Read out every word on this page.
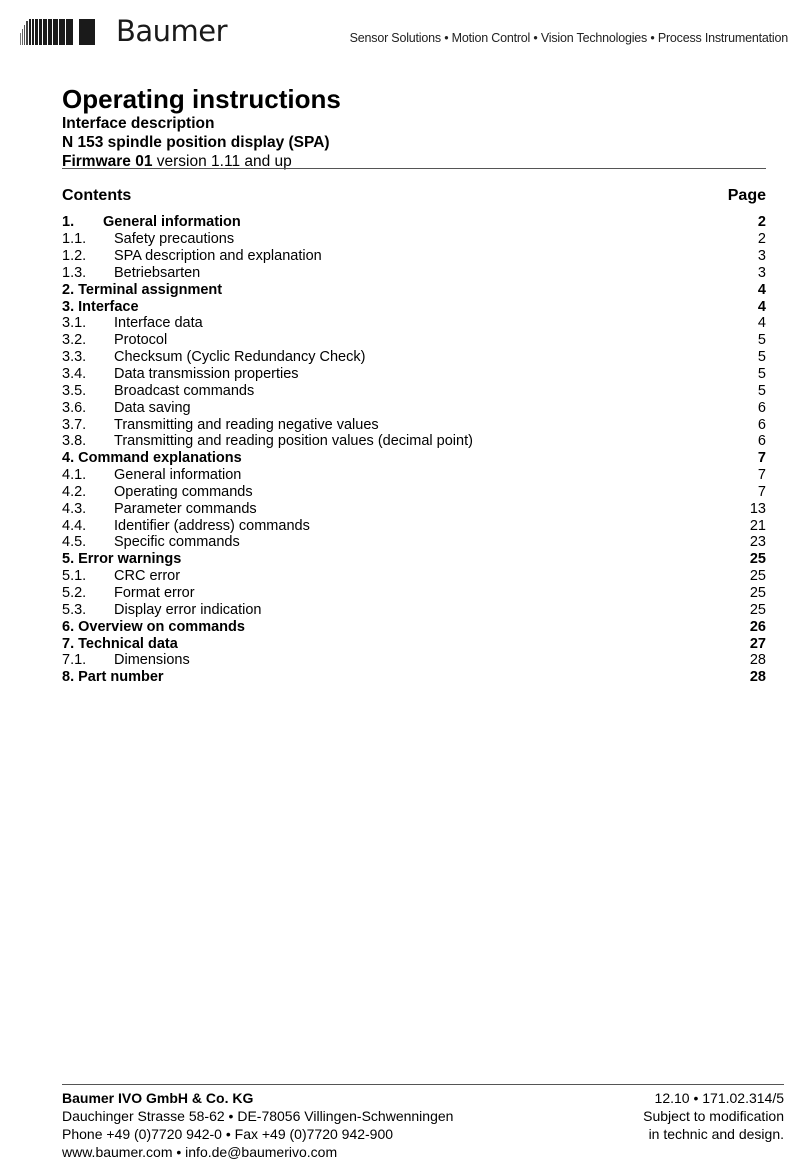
Baumer	Sensor Solutions • Motion Control • Vision Technologies • Process Instrumentation
Operating instructions
Interface description
N 153 spindle position display (SPA)
Firmware 01 version 1.11 and up
Contents	Page
1.	General information	2
1.1.	Safety precautions	2
1.2.	SPA description and explanation	3
1.3.	Betriebsarten	3
2. Terminal assignment	4
3. Interface	4
3.1.	Interface data	4
3.2.	Protocol	5
3.3.	Checksum (Cyclic Redundancy Check)	5
3.4.	Data transmission properties	5
3.5.	Broadcast commands	5
3.6.	Data saving	6
3.7.	Transmitting and reading negative values	6
3.8.	Transmitting and reading position values (decimal point)	6
4. Command explanations	7
4.1.	General information	7
4.2.	Operating commands	7
4.3.	Parameter commands	13
4.4.	Identifier (address) commands	21
4.5.	Specific commands	23
5. Error warnings	25
5.1.	CRC error	25
5.2.	Format error	25
5.3.	Display error indication	25
6. Overview on commands	26
7. Technical data	27
7.1.	Dimensions	28
8. Part number	28
Baumer IVO GmbH & Co. KG
Dauchinger Strasse 58-62 • DE-78056 Villingen-Schwenningen
Phone +49 (0)7720 942-0 • Fax +49 (0)7720 942-900
www.baumer.com • info.de@baumerivo.com
12.10 • 171.02.314/5
Subject to modification
in technic and design.
